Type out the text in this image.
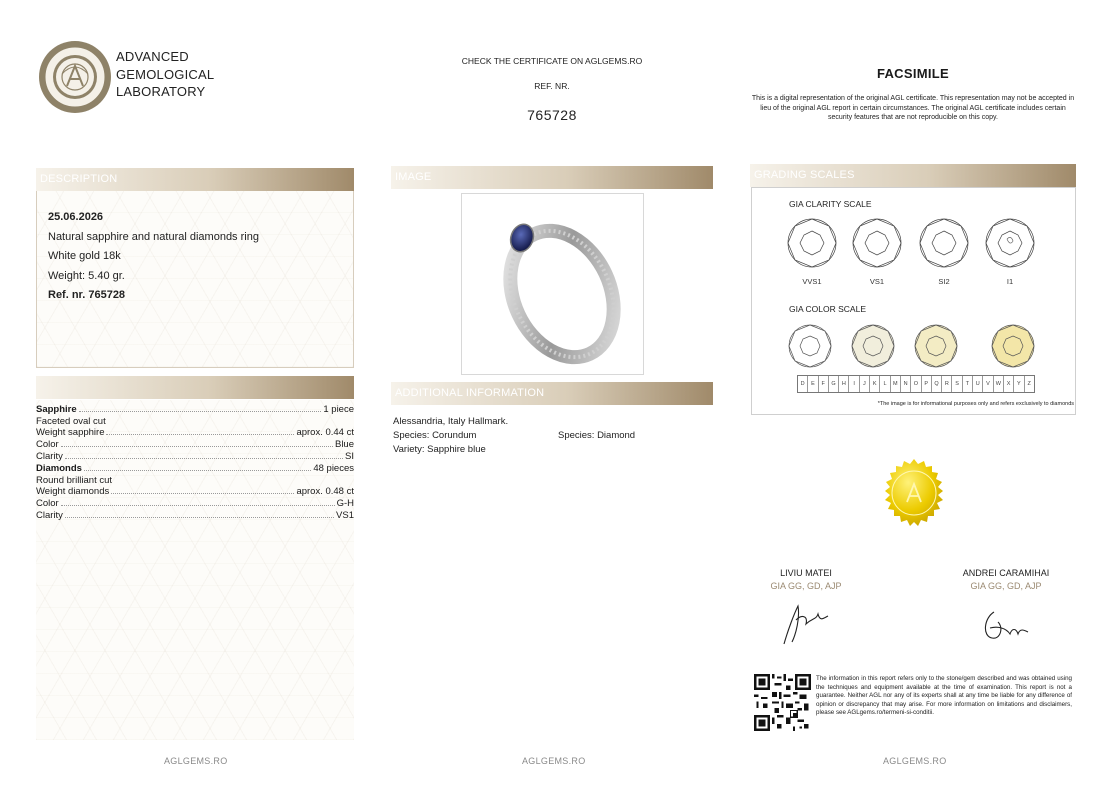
ADVANCED
GEMOLOGICAL
LABORATORY
CHECK THE CERTIFICATE ON AGLGEMS.RO
REF. NR.
765728
FACSIMILE
This is a digital representation of the original AGL certificate. This representation may not be accepted in lieu of the original AGL report in certain circumstances. The original AGL certificate includes certain security features that are not reproducible on this copy.
DESCRIPTION
25.06.2026
Natural sapphire and natural diamonds ring
White gold 18k
Weight: 5.40 gr.
Ref. nr. 765728
Sapphire	1 piece
Faceted oval cut
Weight sapphire	aprox. 0.44 ct
Color	Blue
Clarity	SI
Diamonds	48 pieces
Round brilliant cut
Weight diamonds	aprox. 0.48 ct
Color	G-H
Clarity	VS1
IMAGE
ADDITIONAL INFORMATION
Alessandria, Italy Hallmark.
Species: Corundum
Variety: Sapphire blue
Species: Diamond
GRADING SCALES
GIA CLARITY SCALE
VVS1	VS1	SI2	I1
GIA COLOR SCALE
D	E	F	G	H	I	J	K	L	M	N	O	P	Q	R	S	T	U	V	W	X	Y	Z
*The image is for informational purposes only and refers exclusively to diamonds
LIVIU MATEI
GIA GG, GD, AJP
ANDREI CARAMIHAI
GIA GG, GD, AJP
The information in this report refers only to the stone/gem described and was obtained using the techniques and equipment available at the time of examination. This report is not a guarantee. Neither AGL nor any of its experts shall at any time be liable for any difference of opinion or discrepancy that may arise. For more information on limitations and disclaimers, please see AGLgems.ro/termeni-si-conditii.
AGLGEMS.RO	AGLGEMS.RO	AGLGEMS.RO
